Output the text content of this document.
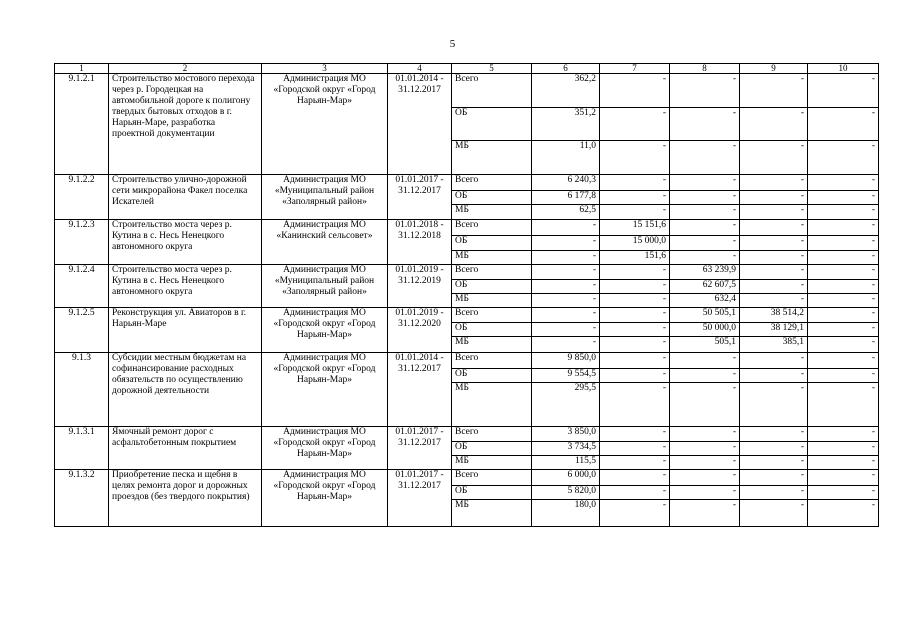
5
1	2	3	4	5	6	7	8	9	10
9.1.2.1	Строительство мостового перехода через р. Городецкая на автомобильной дороге к полигону твердых бытовых отходов в г. Нарьян-Маре, разработка проектной документации	Администрация МО «Городской округ «Город Нарьян-Мар»	01.01.2014 - 31.12.2017	Всего	362,2	-	-	-	-
				ОБ	351,2	-	-	-	-
				МБ	11,0	-	-	-	-
9.1.2.2	Строительство улично-дорожной сети микрорайона Факел поселка Искателей	Администрация МО «Муниципальный район «Заполярный район»	01.01.2017 - 31.12.2017	Всего	6 240,3	-	-	-	-
				ОБ	6 177,8	-	-	-	-
				МБ	62,5	-	-	-	-
9.1.2.3	Строительство моста через р. Кутина в с. Несь Ненецкого автономного округа	Администрация МО «Канинский сельсовет»	01.01.2018 - 31.12.2018	Всего	-	15 151,6	-	-	-
				ОБ	-	15 000,0	-	-	-
				МБ	-	151,6	-	-	-
9.1.2.4	Строительство моста через р. Кутина в с. Несь Ненецкого автономного округа	Администрация МО «Муниципальный район «Заполярный район»	01.01.2019 - 31.12.2019	Всего	-	-	63 239,9	-	-
				ОБ	-	-	62 607,5	-	-
				МБ	-	-	632,4	-	-
9.1.2.5	Реконструкция ул. Авиаторов в г. Нарьян-Маре	Администрация МО «Городской округ «Город Нарьян-Мар»	01.01.2019 - 31.12.2020	Всего	-	-	50 505,1	38 514,2	-
				ОБ	-	-	50 000,0	38 129,1	-
				МБ	-	-	505,1	385,1	-
9.1.3	Субсидии местным бюджетам на софинансирование расходных обязательств по осуществлению дорожной деятельности	Администрация МО «Городской округ «Город Нарьян-Мар»	01.01.2014 - 31.12.2017	Всего	9 850,0	-	-	-	-
				ОБ	9 554,5	-	-	-	-
				МБ	295,5	-	-	-	-
9.1.3.1	Ямочный ремонт дорог с асфальтобетонным покрытием	Администрация МО «Городской округ «Город Нарьян-Мар»	01.01.2017 - 31.12.2017	Всего	3 850,0	-	-	-	-
				ОБ	3 734,5	-	-	-	-
				МБ	115,5	-	-	-	-
9.1.3.2	Приобретение песка и щебня в целях ремонта дорог и дорожных проездов (без твердого покрытия)	Администрация МО «Городской округ «Город Нарьян-Мар»	01.01.2017 - 31.12.2017	Всего	6 000,0	-	-	-	-
				ОБ	5 820,0	-	-	-	-
				МБ	180,0	-	-	-	-
